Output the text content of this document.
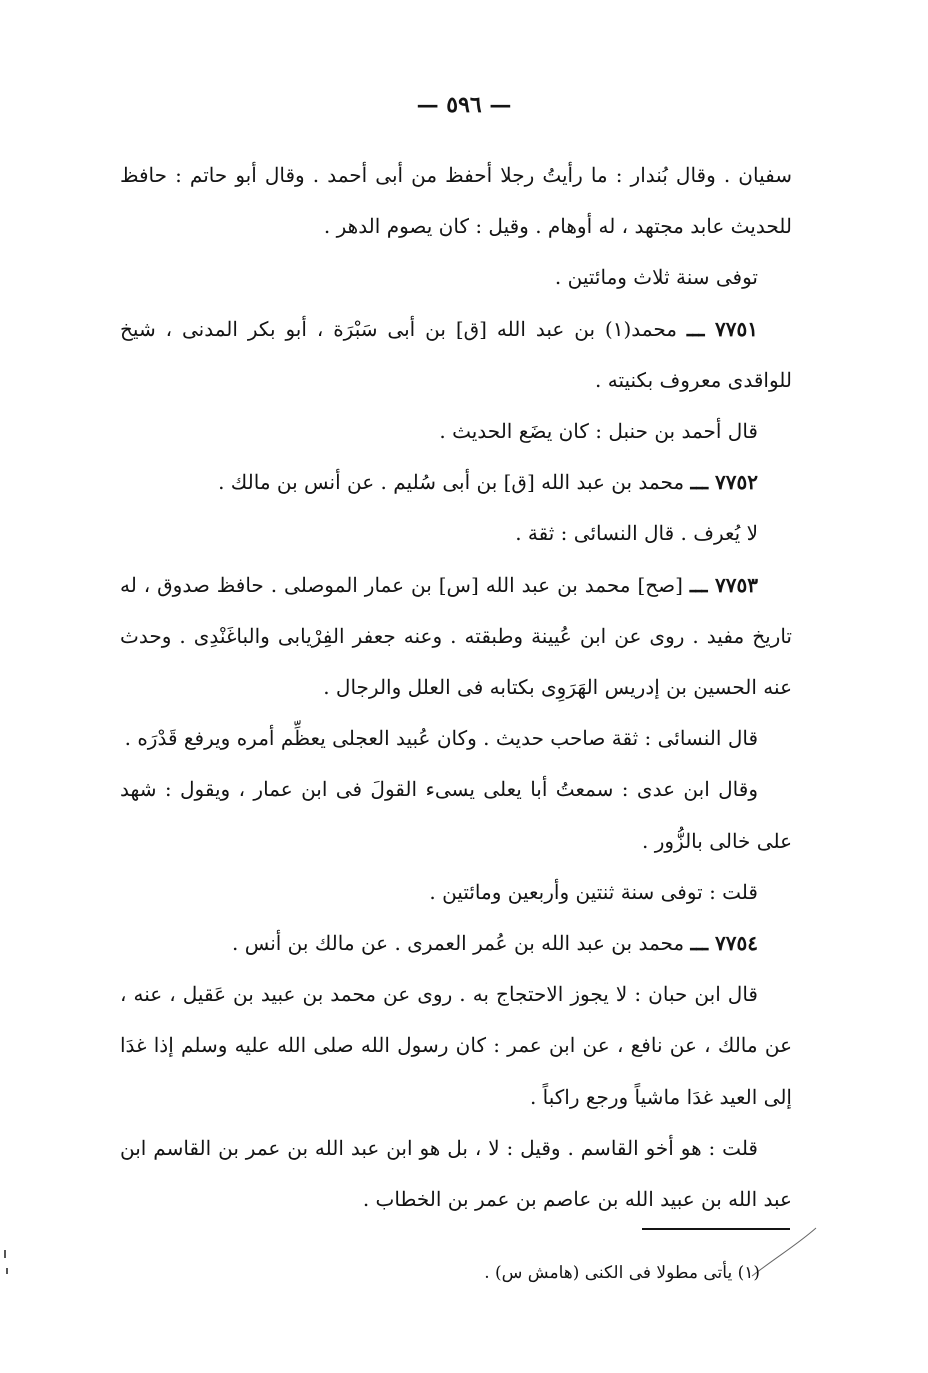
— ٥٩٦ —

سفيان . وقال بُندار : ما رأيتُ رجلا أحفظ من أبى أحمد . وقال أبو حاتم : حافظ للحديث عابد مجتهد ، له أوهام . وقيل : كان يصوم الدهر .

توفى سنة ثلاث ومائتين .

٧٧٥١ ـــ محمد(١) بن عبد الله [ق] بن أبى سَبْرَة ، أبو بكر المدنى ، شيخ للواقدى معروف بكنيته .

قال أحمد بن حنبل : كان يضَع الحديث .

٧٧٥٢ ـــ محمد بن عبد الله [ق] بن أبى سُليم . عن أنس بن مالك .

لا يُعرف . قال النسائى : ثقة .

٧٧٥٣ ـــ [صح] محمد بن عبد الله [س] بن عمار الموصلى . حافظ صدوق ، له تاريخ مفيد . روى عن ابن عُيينة وطبقته . وعنه جعفر الفِرْيابى والباغَنْدِى . وحدث عنه الحسين بن إدريس الهَرَوِى بكتابه فى العلل والرجال .

قال النسائى : ثقة صاحب حديث . وكان عُبيد العجلى يعظِّم أمره ويرفع قَدْرَه .

وقال ابن عدى : سمعتُ أبا يعلى يسىء القولَ فى ابن عمار ، ويقول : شهد على خالى بالزُّور .

قلت : توفى سنة ثنتين وأربعين ومائتين .

٧٧٥٤ ـــ محمد بن عبد الله بن عُمر العمرى . عن مالك بن أنس .

قال ابن حبان : لا يجوز الاحتجاج به . روى عن محمد بن عبيد بن عَقيل ، عنه ، عن مالك ، عن نافع ، عن ابن عمر : كان رسول الله صلى الله عليه وسلم إذا غدَا إلى العيد غدَا ماشياً ورجع راكباً .

قلت : هو أخو القاسم . وقيل : لا ، بل هو ابن عبد الله بن عمر بن القاسم ابن عبد الله بن عبيد الله بن عاصم بن عمر بن الخطاب .

(١) يأتى مطولا فى الكنى (هامش س) .
